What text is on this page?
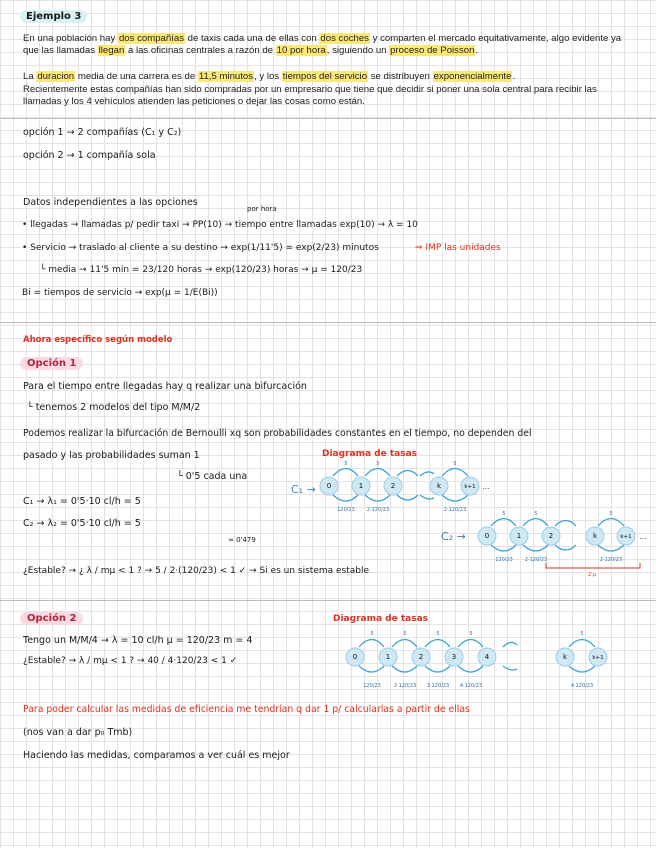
Ejemplo 3
En una población hay dos compañías de taxis cada una de ellas con dos coches y comparten el mercado equitativamente, algo evidente ya que las llamadas llegan a las oficinas centrales a razón de 10 por hora, siguiendo un proceso de Poisson.
La duracion media de una carrera es de 11,5 minutos, y los tiempos del servicio se distribuyen exponencialmente.
Recientemente estas compañías han sido compradas por un empresario que tiene que decidir si poner una sola central para recibir las llamadas y los 4 vehículos atienden las peticiones o dejar las cosas como están.
opción 1 → 2 compañías (C₁ y C₂)
opción 2 → 1 compañía sola
Datos independientes a las opciones
por hora
• llegadas → llamadas p/ pedir taxi → PP(10) → tiempo entre llamadas exp(10) → λ = 10
• Servicio → traslado al cliente a su destino → exp(1/11'5) = exp(2/23) minutos	⇒ IMP las unidades
└ media → 11'5 min = 23/120 horas → exp(120/23) horas → μ = 120/23
Bi = tiempos de servicio → exp(μ = 1/E(Bi))
Ahora específico según modelo
Opción 1
Para el tiempo entre llegadas hay q realizar una bifurcación
└ tenemos 2 modelos del tipo M/M/2
Podemos realizar la bifurcación de Bernoulli xq son probabilidades constantes en el tiempo, no dependen del
pasado y las probabilidades suman 1
└ 0'5 cada una
C₁ → λ₁ = 0'5·10 cl/h = 5
C₂ → λ₂ = 0'5·10 cl/h = 5
¿Estable? → ¿ λ / mμ < 1 ? → 5 / 2·(120/23) < 1 ✓ → Si es un sistema estable
≈ 0'479
Diagrama de tasas
C₁ →
C₂ →
0	1	2	k	k+1 ...
5	5	5
120/23 2·120/23	2·120/23
0	1	2	k	k+1 ...
5	5	5
120/23 2·120/23	2·120/23
2·μ
Opción 2
Tengo un M/M/4 → λ = 10 cl/h μ = 120/23 m = 4
¿Estable? → λ / mμ < 1 ? → 40 / 4·120/23 < 1 ✓
Diagrama de tasas
0	1	2	3	4	k	k+1
5	5	5	5	5
120/23	2·120/23 3·120/23 4·120/23	4·120/23
Para poder calcular las medidas de eficiencia me tendrían q dar 1 p/ calcularlas a partir de ellas
(nos van a dar p₀ Tmb)
Haciendo las medidas, comparamos a ver cuál es mejor
